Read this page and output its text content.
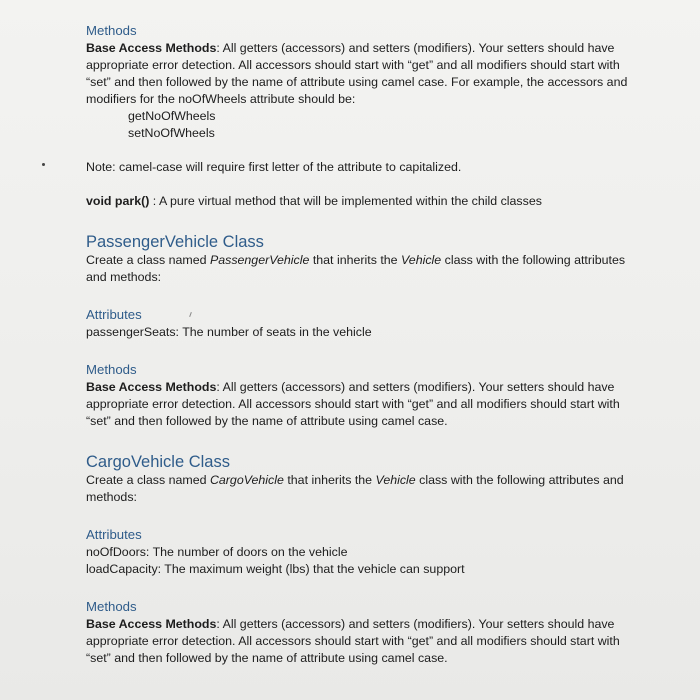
Methods

Base Access Methods: All getters (accessors) and setters (modifiers). Your setters should have appropriate error detection. All accessors should start with “get” and all modifiers should start with “set” and then followed by the name of attribute using camel case. For example, the accessors and modifiers for the noOfWheels attribute should be:

getNoOfWheels

setNoOfWheels

Note: camel-case will require first letter of the attribute to capitalized.

void park() : A pure virtual method that will be implemented within the child classes

PassengerVehicle Class

Create a class named PassengerVehicle that inherits the Vehicle class with the following attributes and methods:

Attributes

passengerSeats: The number of seats in the vehicle

Methods

Base Access Methods: All getters (accessors) and setters (modifiers). Your setters should have appropriate error detection. All accessors should start with “get” and all modifiers should start with “set” and then followed by the name of attribute using camel case.

CargoVehicle Class

Create a class named CargoVehicle that inherits the Vehicle class with the following attributes and methods:

Attributes

noOfDoors: The number of doors on the vehicle

loadCapacity: The maximum weight (lbs) that the vehicle can support

Methods

Base Access Methods: All getters (accessors) and setters (modifiers). Your setters should have appropriate error detection. All accessors should start with “get” and all modifiers should start with “set” and then followed by the name of attribute using camel case.
